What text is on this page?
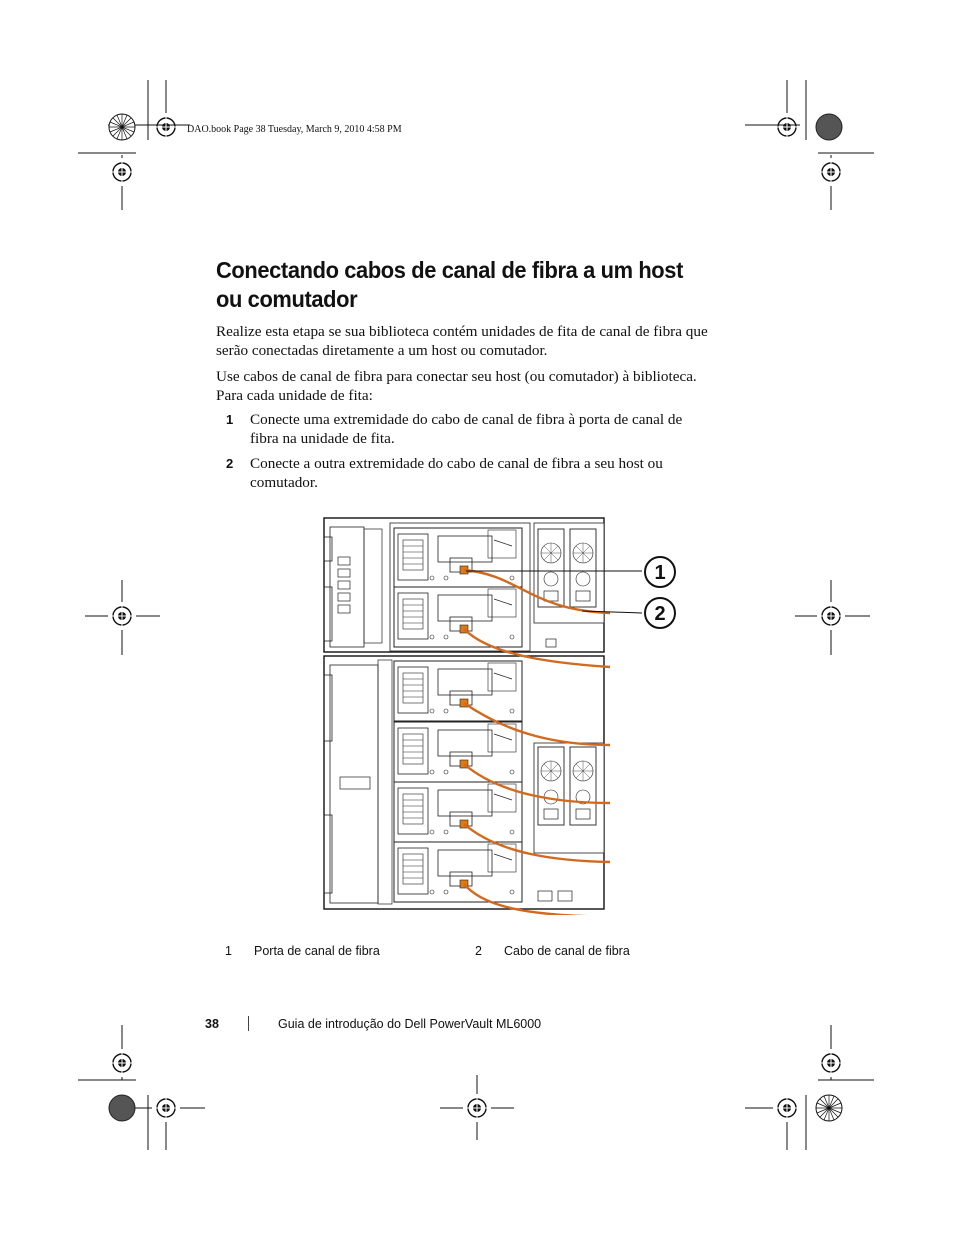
DAO.book Page 38 Tuesday, March 9, 2010 4:58 PM
Conectando cabos de canal de fibra a um host ou comutador

Realize esta etapa se sua biblioteca contém unidades de fita de canal de fibra que serão conectadas diretamente a um host ou comutador.

Use cabos de canal de fibra para conectar seu host (ou comutador) à biblioteca. Para cada unidade de fita:

1 Conecte uma extremidade do cabo de canal de fibra à porta de canal de fibra na unidade de fita.
2 Conecte a outra extremidade do cabo de canal de fibra a seu host ou comutador.
1
2
1 Porta de canal de fibra	2 Cabo de canal de fibra
38	Guia de introdução do Dell PowerVault ML6000
